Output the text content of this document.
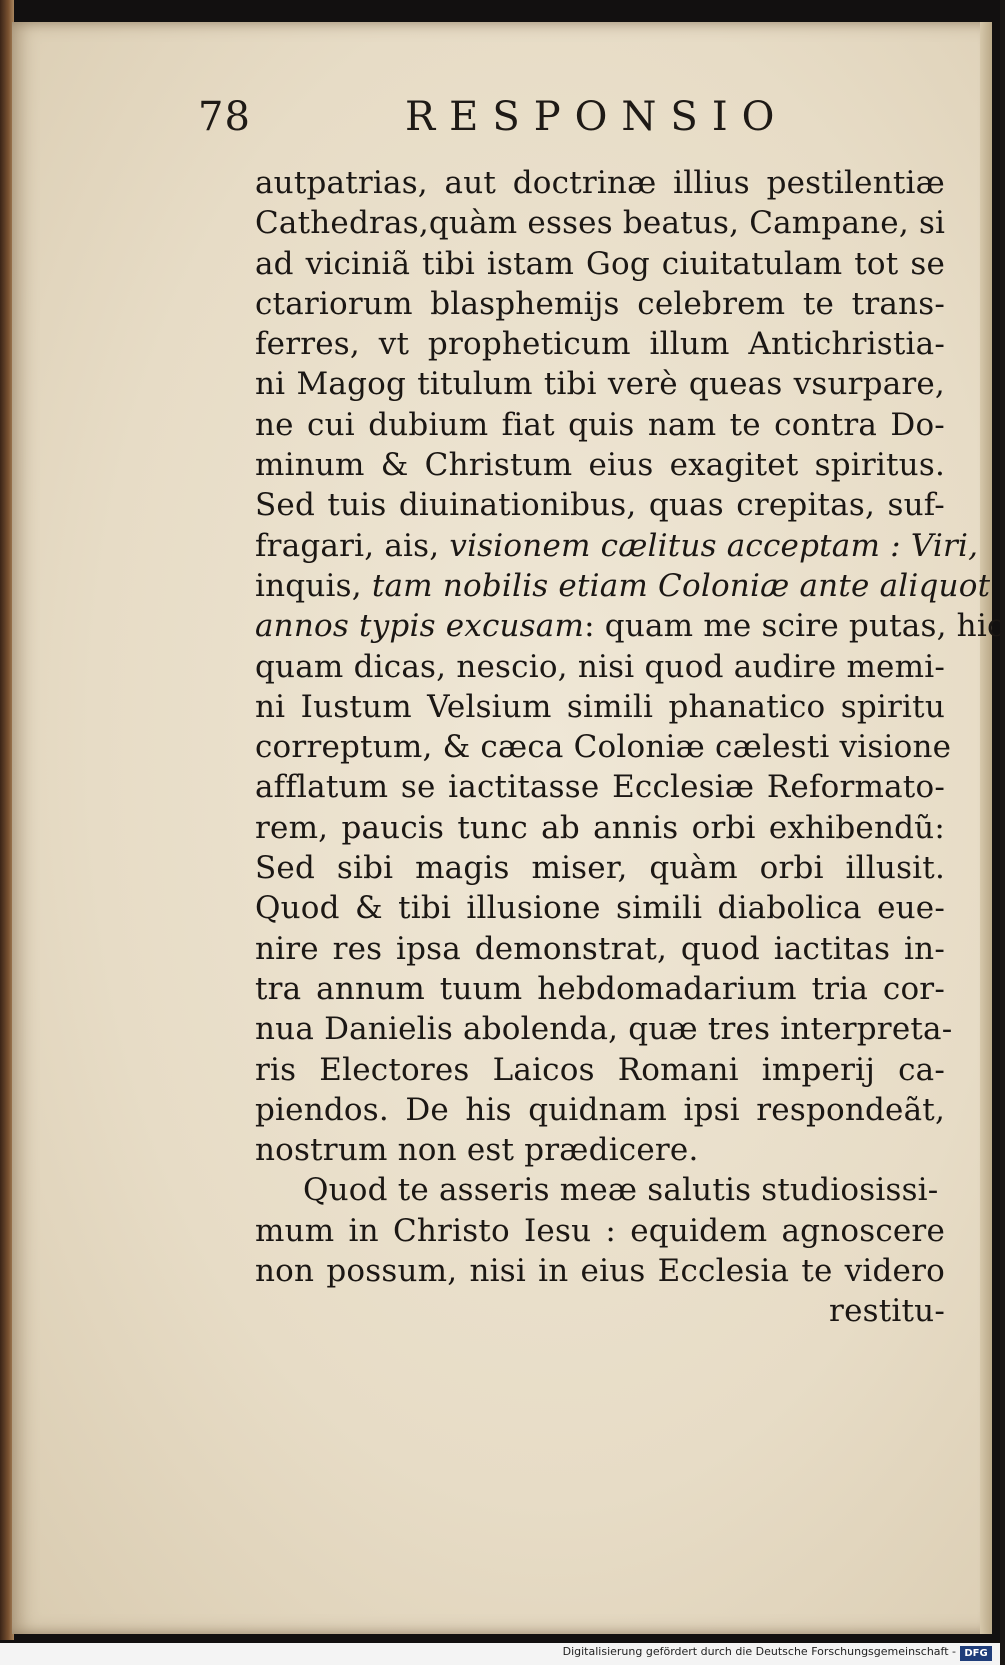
78	RESPONSIO
autpatrias, aut doctrinæ illius pestilentiæ
Cathedras,quàm esses beatus, Campane, si
ad viciniã tibi istam Gog ciuitatulam tot se
ctariorum blasphemijs celebrem te trans-
ferres, vt propheticum illum Antichristia-
ni Magog titulum tibi verè queas vsurpare,
ne cui dubium fiat quis nam te contra Do-
minum & Christum eius exagitet spiritus.
Sed tuis diuinationibus, quas crepitas, suf-
fragari, ais, visionem cælitus acceptam : Viri,
inquis, tam nobilis etiam Coloniæ ante aliquot
annos typis excusam: quam me scire putas, hic
quam dicas, nescio, nisi quod audire memi-
ni Iustum Velsium simili phanatico spiritu
correptum, & cæca Coloniæ cælesti visione
afflatum se iactitasse Ecclesiæ Reformato-
rem, paucis tunc ab annis orbi exhibendũ:
Sed sibi magis miser, quàm orbi illusit.
Quod & tibi illusione simili diabolica eue-
nire res ipsa demonstrat, quod iactitas in-
tra annum tuum hebdomadarium tria cor-
nua Danielis abolenda, quæ tres interpreta-
ris Electores Laicos Romani imperij ca-
piendos. De his quidnam ipsi respondeãt,
nostrum non est prædicere.
Quod te asseris meæ salutis studiosissi-
mum in Christo Iesu : equidem agnoscere
non possum, nisi in eius Ecclesia te videro
restitu-
Digitalisierung gefördert durch die Deutsche Forschungsgemeinschaft - DFG
